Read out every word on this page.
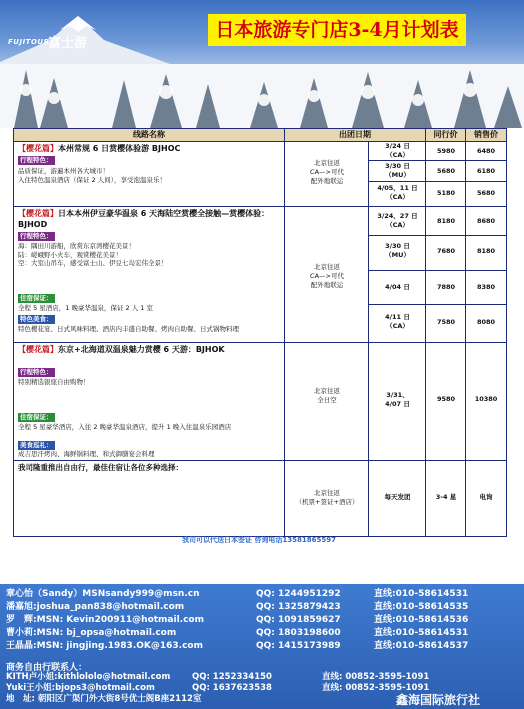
FUJITOUR
富士游
日本旅游专门店3-4月计划表
线路名称	出团日期	同行价	销售价
【樱花篇】本州常规 6 日赏樱体验游 BJHOC
行程特色：
品质保证，游遍本州各大城市！
入住特色温泉酒店（保证 2 人间），享受泡温泉乐！
北京往返
CA—>可代
配外地联运
3/24 日
（CA）	5980	6480
3/30 日
（MU）	5680	6180
4/05、11 日
（CA）	5180	5680
【樱花篇】日本本州伊豆豪华温泉 6 天海陆空赏樱全接触—赏樱体验：BJHOD
行程特色：
海：隅田川游船，欣赏东京湾樱花美景！
陆：嵯峨野小火车，观赏樱花美景！
空：大室山吊车，感受富士山、伊豆七岛宏伟全景！
住宿保证：
全程 5 星酒店，1 晚豪华温泉，保证 2 人 1 室
特色美食：
特色樱花宴、日式风味料理、酒店内丰盛自助餐、烤肉自助餐、日式锅物料理
北京往返
CA—>可代
配外地联运
3/24、27 日
（CA）	8180	8680
3/30 日
（MU）	7680	8180
4/04 日	7880	8380
4/11 日
（CA）	7580	8080
【樱花篇】东京+北海道双温泉魅力赏樱 6 天游：BJHOK
行程特色：
特别精选银座自由购物！
住宿保证：
全程 5 星豪华酒店，入住 2 晚豪华温泉酒店，提升 1 晚入住温泉乐园酒店
美食巡礼：
成吉思汗烤肉、海鲜锅料理、和式御膳宴会料理
北京往返
全日空
3/31、
4/07 日
9580	10380
我司隆重推出自由行，最佳住宿让各位多种选择：
北京往返
（机票+签证+酒店）
每天发团	3-4 星	电询
我司可以代送日本签证 咨询电话13581865597
章心怡（Sandy）MSNsandy999@msn.cn	QQ: 1244951292	直线:010-58614531
潘嘉旭:joshua_pan838@hotmail.com	QQ: 1325879423	直线:010-58614535
罗　辉:MSN: Kevin200911@hotmail.com	QQ: 1091859627	直线:010-58614536
曹小莉:MSN: bj_opsa@hotmail.com	QQ: 1803198600	直线:010-58614531
王晶晶:MSN: jingjing.1983.OK@163.com	QQ: 1415173989	直线:010-58614537
商务自由行联系人：
KITH卢小姐:kithlololo@hotmail.com	QQ: 1252334150	直线: 00852-3595-1091
Yuki王小姐:bjops3@hotmail.com	QQ: 1637623538	直线: 00852-3595-1091
地　址: 朝阳区广渠门外大街8号优士阁B座2112室	鑫海国际旅行社
